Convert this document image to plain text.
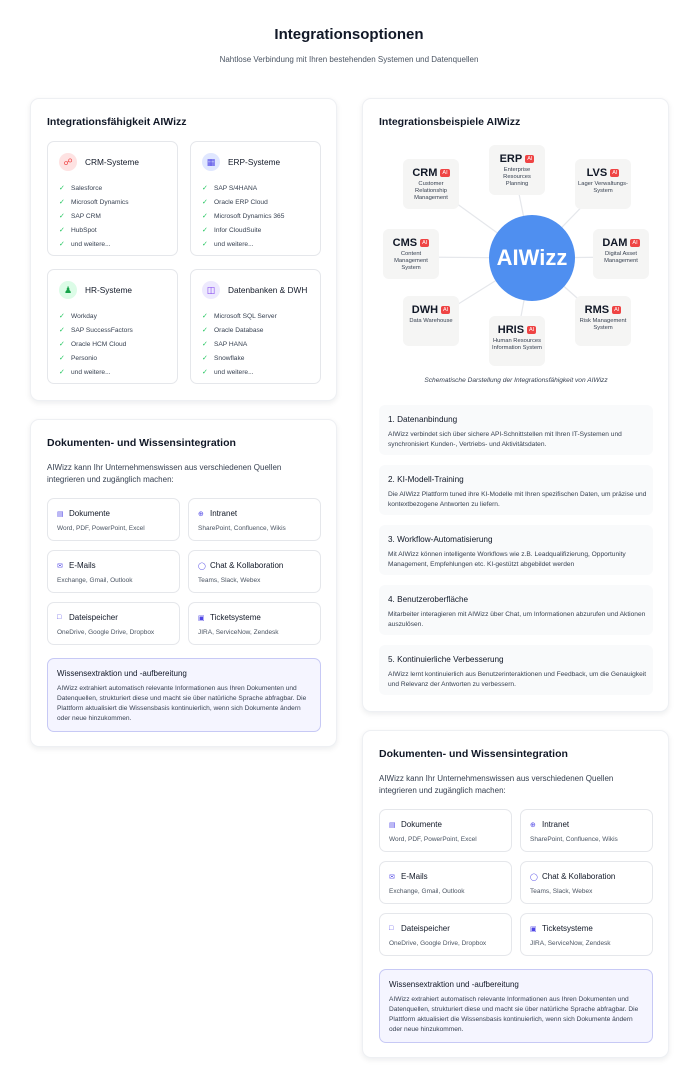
Integrationsoptionen
Nahtlose Verbindung mit Ihren bestehenden Systemen und Datenquellen
Integrationsfähigkeit AIWizz
☍	CRM-Systeme
✓ Salesforce
✓ Microsoft Dynamics
✓ SAP CRM
✓ HubSpot
✓ und weitere...
▦	ERP-Systeme
✓ SAP S/4HANA
✓ Oracle ERP Cloud
✓ Microsoft Dynamics 365
✓ Infor CloudSuite
✓ und weitere...
♟	HR-Systeme
✓ Workday
✓ SAP SuccessFactors
✓ Oracle HCM Cloud
✓ Personio
✓ und weitere...
◫	Datenbanken & DWH
✓ Microsoft SQL Server
✓ Oracle Database
✓ SAP HANA
✓ Snowflake
✓ und weitere...
Dokumenten- und Wissensintegration
AIWizz kann Ihr Unternehmenswissen aus verschiedenen Quellen integrieren und zugänglich machen:
▤ Dokumente
Word, PDF, PowerPoint, Excel
⊕ Intranet
SharePoint, Confluence, Wikis
✉ E-Mails
Exchange, Gmail, Outlook
◯ Chat & Kollaboration
Teams, Slack, Webex
□ Dateispeicher
OneDrive, Google Drive, Dropbox
▣ Ticketsysteme
JIRA, ServiceNow, Zendesk
Wissensextraktion und -aufbereitung
AIWizz extrahiert automatisch relevante Informationen aus Ihren Dokumenten und Datenquellen, strukturiert diese und macht sie über natürliche Sprache abfragbar. Die Plattform aktualisiert die Wissensbasis kontinuierlich, wenn sich Dokumente ändern oder neue hinzukommen.
Integrationsbeispiele AIWizz
CRM AI
Customer Relationship Management
ERP AI
Enterprise Resources Planning
LVS AI
Lager Verwaltungs-System
CMS AI
Content Management System
DAM AI
Digital Asset Management
DWH AI
Data Warehouse
HRIS AI
Human Resources Information System
RMS AI
Risk Management System
AIWizz
Schematische Darstellung der Integrationsfähigkeit von AIWizz
1. Datenanbindung
AIWizz verbindet sich über sichere API-Schnittstellen mit Ihren IT-Systemen und synchronisiert Kunden-, Vertriebs- und Aktivitätsdaten.
2. KI-Modell-Training
Die AIWizz Plattform tuned ihre KI-Modelle mit Ihren spezifischen Daten, um präzise und kontextbezogene Antworten zu liefern.
3. Workflow-Automatisierung
Mit AIWizz können intelligente Workflows wie z.B. Leadqualifizierung, Opportunity Management, Empfehlungen etc. KI-gestützt abgebildet werden
4. Benutzeroberfläche
Mitarbeiter interagieren mit AIWizz über Chat, um Informationen abzurufen und Aktionen auszulösen.
5. Kontinuierliche Verbesserung
AIWizz lernt kontinuierlich aus Benutzerinteraktionen und Feedback, um die Genauigkeit und Relevanz der Antworten zu verbessern.
Dokumenten- und Wissensintegration
AIWizz kann Ihr Unternehmenswissen aus verschiedenen Quellen integrieren und zugänglich machen:
▤ Dokumente
Word, PDF, PowerPoint, Excel
⊕ Intranet
SharePoint, Confluence, Wikis
✉ E-Mails
Exchange, Gmail, Outlook
◯ Chat & Kollaboration
Teams, Slack, Webex
□ Dateispeicher
OneDrive, Google Drive, Dropbox
▣ Ticketsysteme
JIRA, ServiceNow, Zendesk
Wissensextraktion und -aufbereitung
AIWizz extrahiert automatisch relevante Informationen aus Ihren Dokumenten und Datenquellen, strukturiert diese und macht sie über natürliche Sprache abfragbar. Die Plattform aktualisiert die Wissensbasis kontinuierlich, wenn sich Dokumente ändern oder neue hinzukommen.
